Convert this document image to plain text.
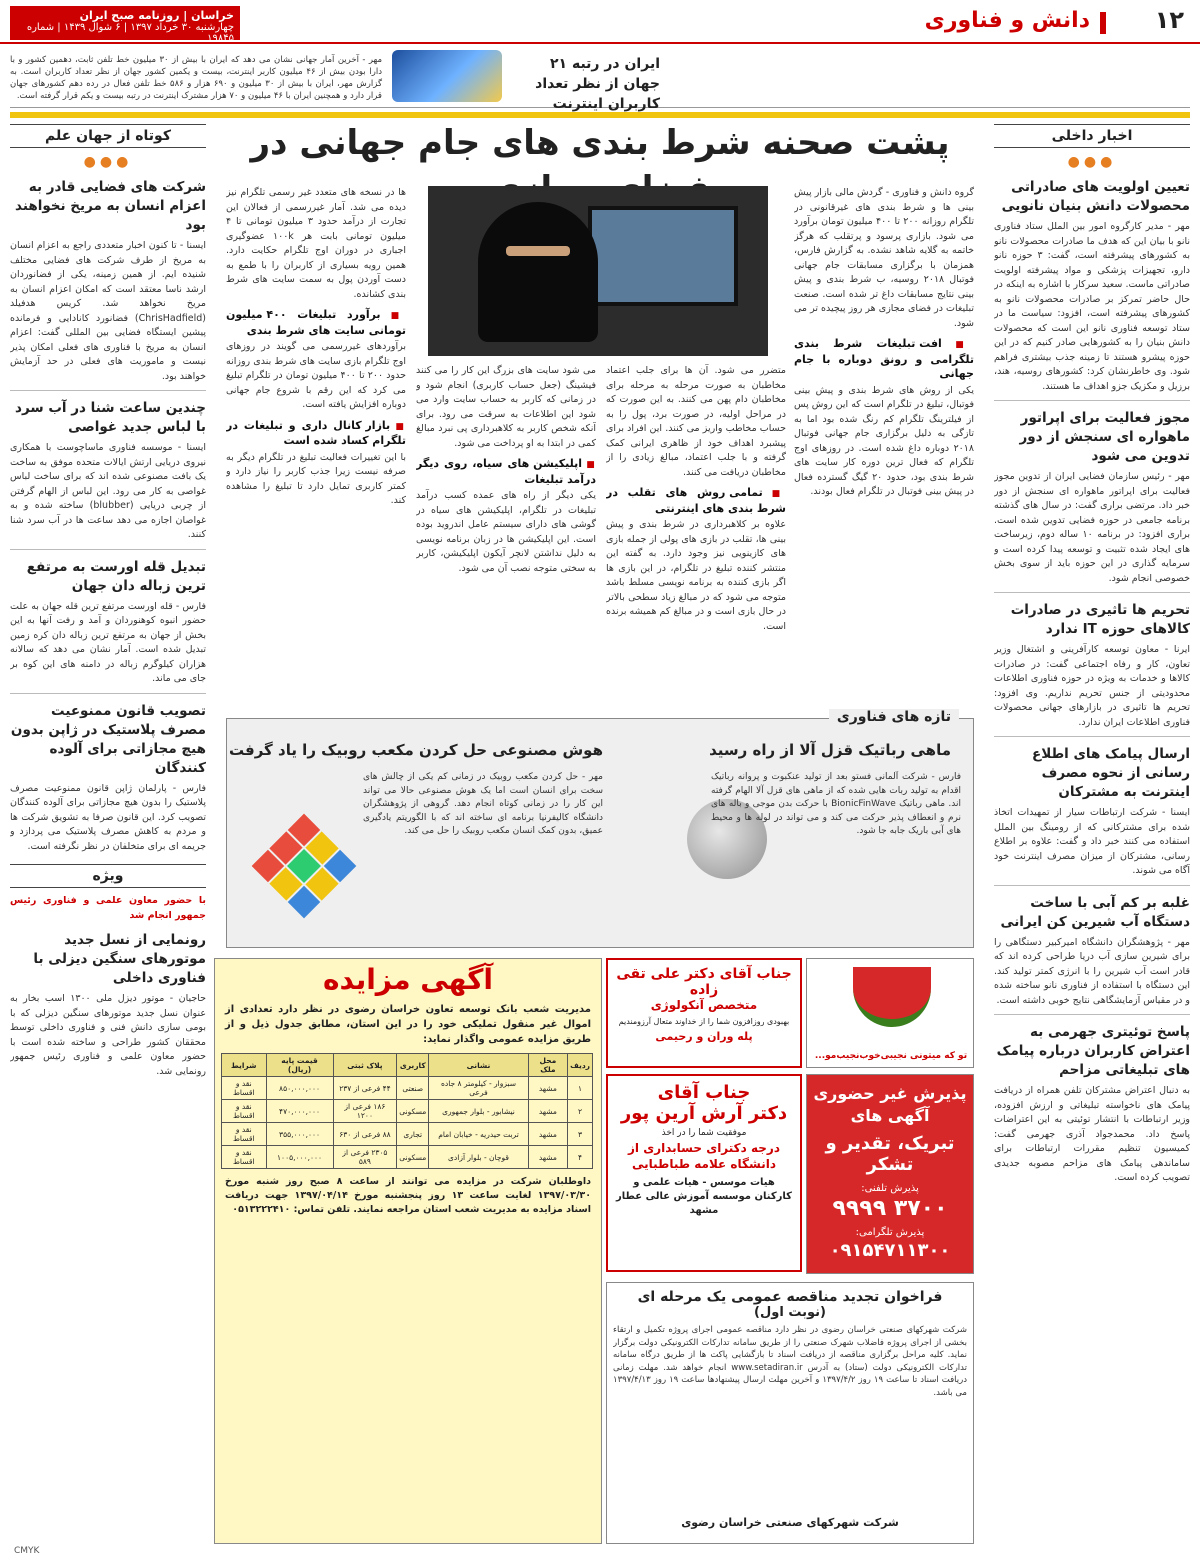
۱۲
دانش و فناوری
خراسان | روزنامه صبح ایران
چهارشنبه ۳۰ خرداد ۱۳۹۷ | ۶ شوال ۱۴۳۹ | شماره ۱۹۸۴۵
ایران در رتبه ۲۱ جهان از نظر تعداد کاربران اینترنت
مهر - آخرین آمار جهانی نشان می دهد که ایران با بیش از ۳۰ میلیون خط تلفن ثابت، دهمین کشور و با دارا بودن بیش از ۴۶ میلیون کاربر اینترنت، بیست و یکمین کشور جهان از نظر تعداد کاربران است. به گزارش مهر، ایران با بیش از ۳۰ میلیون و ۶۹۰ هزار و ۵۸۶ خط تلفن فعال در رده دهم کشورهای جهان قرار دارد و همچنین ایران با ۴۶ میلیون و ۷۰ هزار مشترک اینترنت در رتبه بیست و یکم قرار گرفته است.
اخبار داخلی
●●●
تعیین اولویت های صادراتی محصولات دانش بنیان نانویی

مهر - مدیر کارگروه امور بین الملل ستاد فناوری نانو با بیان این که هدف ما صادرات محصولات نانو به کشورهای پیشرفته است، گفت: ۳ حوزه نانو دارو، تجهیزات پزشکی و مواد پیشرفته اولویت صادراتی ماست. سعید سرکار با اشاره به اینکه در حال حاضر تمرکز بر صادرات محصولات نانو به کشورهای پیشرفته است، افزود: سیاست ما در ستاد توسعه فناوری نانو این است که محصولات دانش بنیان را به کشورهایی صادر کنیم که در این حوزه پیشرو هستند تا زمینه جذب بیشتری فراهم شود. وی خاطرنشان کرد: کشورهای روسیه، هند، برزیل و مکزیک جزو اهداف ما هستند.

مجوز فعالیت برای اپراتور ماهواره ای سنجش از دور تدوین می شود

مهر - رئیس سازمان فضایی ایران از تدوین مجوز فعالیت برای اپراتور ماهواره ای سنجش از دور خبر داد. مرتضی براری گفت: در سال های گذشته برنامه جامعی در حوزه فضایی تدوین شده است. براری افزود: در برنامه ۱۰ ساله دوم، زیرساخت های ایجاد شده تثبیت و توسعه پیدا کرده است و سرمایه گذاری در این حوزه باید از سوی بخش خصوصی انجام شود.

تحریم ها تاثیری در صادرات کالاهای حوزه IT ندارد

ایرنا - معاون توسعه کارآفرینی و اشتغال وزیر تعاون، کار و رفاه اجتماعی گفت: در صادرات کالاها و خدمات به ویژه در حوزه فناوری اطلاعات محدودیتی از جنس تحریم نداریم. وی افزود: تحریم ها تاثیری در بازارهای جهانی محصولات فناوری اطلاعات ایران ندارد.

ارسال پیامک های اطلاع رسانی از نحوه مصرف اینترنت به مشترکان

ایسنا - شرکت ارتباطات سیار از تمهیدات اتخاذ شده برای مشترکانی که از رومینگ بین الملل استفاده می کنند خبر داد و گفت: علاوه بر اطلاع رسانی، مشترکان از میزان مصرف اینترنت خود آگاه می شوند.

غلبه بر کم آبی با ساخت دستگاه آب شیرین کن ایرانی

مهر - پژوهشگران دانشگاه امیرکبیر دستگاهی را برای شیرین سازی آب دریا طراحی کرده اند که قادر است آب شیرین را با انرژی کمتر تولید کند. این دستگاه با استفاده از فناوری نانو ساخته شده و در مقیاس آزمایشگاهی نتایج خوبی داشته است.

پاسخ توئیتری جهرمی به اعتراض کاربران درباره پیامک های تبلیغاتی مزاحم

به دنبال اعتراض مشترکان تلفن همراه از دریافت پیامک های ناخواسته تبلیغاتی و ارزش افزوده، وزیر ارتباطات با انتشار توئیتی به این اعتراضات پاسخ داد. محمدجواد آذری جهرمی گفت: کمیسیون تنظیم مقررات ارتباطات برای ساماندهی پیامک های مزاحم مصوبه جدیدی تصویب کرده است.

کوتاه از جهان علم
●●●
شرکت های فضایی قادر به اعزام انسان به مریخ نخواهند بود

ایسنا - تا کنون اخبار متعددی راجع به اعزام انسان به مریخ از طرف شرکت های فضایی مختلف شنیده ایم. از همین زمینه، یکی از فضانوردان ارشد ناسا معتقد است که امکان اعزام انسان به مریخ نخواهد شد. کریس هدفیلد (ChrisHadfield) فضانورد کانادایی و فرمانده پیشین ایستگاه فضایی بین المللی گفت: اعزام انسان به مریخ با فناوری های فعلی امکان پذیر نیست و ماموریت های فعلی در حد آزمایش خواهند بود.

چندین ساعت شنا در آب سرد با لباس جدید غواصی

ایسنا - موسسه فناوری ماساچوست با همکاری نیروی دریایی ارتش ایالات متحده موفق به ساخت یک بافت مصنوعی شده اند که برای ساخت لباس غواصی به کار می رود. این لباس از الهام گرفتن از چربی دریایی (blubber) ساخته شده و به غواصان اجازه می دهد ساعت ها در آب سرد شنا کنند.

تبدیل قله اورست به مرتفع ترین زباله دان جهان

فارس - قله اورست مرتفع ترین قله جهان به علت حضور انبوه کوهنوردان و آمد و رفت آنها به این بخش از جهان به مرتفع ترین زباله دان کره زمین تبدیل شده است. آمار نشان می دهد که سالانه هزاران کیلوگرم زباله در دامنه های این کوه بر جای می ماند.

تصویب قانون ممنوعیت مصرف پلاستیک در ژاپن بدون هیچ مجازاتی برای آلوده کنندگان

فارس - پارلمان ژاپن قانون ممنوعیت مصرف پلاستیک را بدون هیچ مجازاتی برای آلوده کنندگان تصویب کرد. این قانون صرفا به تشویق شرکت ها و مردم به کاهش مصرف پلاستیک می پردازد و جریمه ای برای متخلفان در نظر نگرفته است.

ویژه

با حضور معاون علمی و فناوری رئیس جمهور انجام شد

رونمایی از نسل جدید موتورهای سنگین دیزلی با فناوری داخلی

حاجیان - موتور دیزل ملی ۱۳۰۰ اسب بخار به عنوان نسل جدید موتورهای سنگین دیزلی که با بومی سازی دانش فنی و فناوری داخلی توسط محققان کشور طراحی و ساخته شده است با حضور معاون علمی و فناوری رئیس جمهور رونمایی شد.

پشت صحنه شرط بندی های جام جهانی در

گروه دانش و فناوری - گردش مالی بازار پیش بینی ها و شرط بندی های غیرقانونی در تلگرام روزانه ۲۰۰ تا ۴۰۰ میلیون تومان برآورد می شود. بازاری پرسود و پرتقلب که هرگز خاتمه به گلایه شاهد نشده. به گزارش فارس، همزمان با برگزاری مسابقات جام جهانی فوتبال ۲۰۱۸ روسیه، ب شرط بندی و پیش بینی نتایج مسابقات داغ تر شده است. صنعت تبلیغات در فضای مجازی هر روز پیچیده تر می شود.

■ افت تبلیغات شرط بندی تلگرامی و رونق دوباره با جام جهانی

یکی از روش های شرط بندی و پیش بینی فوتبال، تبلیغ در تلگرام است که این روش پس از فیلترینگ تلگرام کم رنگ شده بود اما به تازگی به دلیل برگزاری جام جهانی فوتبال ۲۰۱۸ دوباره داغ شده است. در روزهای اوج تلگرام که فعال ترین دوره کار سایت های شرط بندی بود، حدود ۲۰ گیگ گسترده فعال در پیش بینی فوتبال در تلگرام فعال بودند.

متضرر می شود. آن ها برای جلب اعتماد مخاطبان به صورت مرحله به مرحله برای مخاطبان دام پهن می کنند. به این صورت که در مراحل اولیه، در صورت برد، پول را به حساب مخاطب واریز می کنند. این افراد برای پیشبرد اهداف خود از ظاهری ایرانی کمک گرفته و با جلب اعتماد، مبالغ زیادی را از مخاطبان دریافت می کنند.

■ تمامی روش های تقلب در شرط بندی های اینترنتی

علاوه بر کلاهبرداری در شرط بندی و پیش بینی ها، تقلب در بازی های پولی از جمله بازی های کازینویی نیز وجود دارد. به گفته این منتشر کننده تبلیغ در تلگرام، در این بازی ها اگر بازی کننده به برنامه نویسی مسلط باشد متوجه می شود که در مبالغ زیاد سطحی بالاتر در حال بازی است و در مبالغ کم همیشه برنده است.

می شود سایت های بزرگ این کار را می کنند فیشینگ (جعل حساب کاربری) انجام شود و در زمانی که کاربر به حساب سایت وارد می شود این اطلاعات به سرقت می رود. برای آنکه شخص کاربر به کلاهبرداری پی نبرد مبالغ کمی در ابتدا به او پرداخت می شود.

■ اپلیکیشن های سیاه، روی دیگر درآمد تبلیغات

یکی دیگر از راه های عمده کسب درآمد تبلیغات در تلگرام، اپلیکیشن های سیاه در گوشی های دارای سیستم عامل اندروید بوده است. این اپلیکیشن ها در زبان برنامه نویسی به دلیل نداشتن لانچر آیکون اپلیکیشن، کاربر به سختی متوجه نصب آن می شود.

ها در نسخه های متعدد غیر رسمی تلگرام نیز دیده می شد. آمار غیررسمی از فعالان این تجارت از درآمد حدود ۳ میلیون تومانی تا ۴ میلیون تومانی بابت هر ۱۰۰k عضوگیری اجباری در دوران اوج تلگرام حکایت دارد. همین رویه بسیاری از کاربران را با طمع به دست آوردن پول به سمت سایت های شرط بندی کشانده.

■ برآورد تبلیغات ۴۰۰ میلیون تومانی سایت های شرط بندی

برآوردهای غیررسمی می گویند در روزهای اوج تلگرام بازی سایت های شرط بندی روزانه حدود ۲۰۰ تا ۴۰۰ میلیون تومان در تلگرام تبلیغ می کرد که این رقم با شروع جام جهانی دوباره افزایش یافته است.

■ بازار کانال داری و تبلیغات در تلگرام کساد شده است

با این تغییرات فعالیت تبلیغ در تلگرام دیگر به صرفه نیست زیرا جذب کاربر را نیاز دارد و کمتر کاربری تمایل دارد تا تبلیغ را مشاهده کند.

تازه های فناوری
ماهی رباتیک قزل آلا از راه رسید
فارس - شرکت آلمانی فستو بعد از تولید عنکبوت و پروانه رباتیک اقدام به تولید ربات هایی شده که از ماهی های قزل آلا الهام گرفته اند. ماهی رباتیک BionicFinWave با حرکت بدن موجی و باله های نرم و انعطاف پذیر حرکت می کند و می تواند در لوله ها و محیط های آبی باریک جابه جا شود.
هوش مصنوعی حل کردن مکعب روبیک را یاد گرفت
مهر - حل کردن مکعب روبیک در زمانی کم یکی از چالش های سخت برای انسان است اما یک هوش مصنوعی حالا می تواند این کار را در زمانی کوتاه انجام دهد. گروهی از پژوهشگران دانشگاه کالیفرنیا برنامه ای ساخته اند که با الگوریتم یادگیری عمیق، بدون کمک انسان مکعب روبیک را حل می کند.
آگهی مزایده
مدیریت شعب بانک توسعه تعاون خراسان رضوی در نظر دارد تعدادی از اموال غیر منقول تملیکی خود را در این استان، مطابق جدول ذیل و از طریق مزایده عمومی واگذار نماید:
ردیف	محل ملک	نشانی	کاربری	پلاک ثبتی	قیمت پایه (ریال)	شرایط
۱	مشهد	سبزوار - کیلومتر ۸ جاده فرعی	صنعتی	۴۴ فرعی از ۲۳۷	۸۵۰,۰۰۰,۰۰۰	نقد و اقساط
۲	مشهد	نیشابور - بلوار جمهوری	مسکونی	۱۸۶ فرعی از ۱۲۰۰	۴۷۰,۰۰۰,۰۰۰	نقد و اقساط
۳	مشهد	تربت حیدریه - خیابان امام	تجاری	۸۸ فرعی از ۶۳۰	۳۵۵,۰۰۰,۰۰۰	نقد و اقساط
۴	مشهد	قوچان - بلوار آزادی	مسکونی	۲۳۰۵ فرعی از ۵۸۹	۱۰۰۵,۰۰۰,۰۰۰	نقد و اقساط
داوطلبان شرکت در مزایده می توانند از ساعت ۸ صبح روز شنبه مورخ ۱۳۹۷/۰۳/۳۰ لغایت ساعت ۱۳ روز پنجشنبه مورخ ۱۳۹۷/۰۴/۱۴ جهت دریافت اسناد مزایده به مدیریت شعب استان مراجعه نمایند. تلفن تماس: ۰۵۱۳۲۲۲۴۱۰
جناب آقای دکتر علی تقی زاده
متخصص آنکولوژی
بهبودی روزافزون شما را از خداوند متعال آرزومندیم
پله وران و رحیمی
تو که میتونی نجیبی‌خوب‌نجیب‌مو...
جناب آقای
دکتر آرش آرین پور
موفقیت شما را در اخذ
درجه دکترای حسابداری از دانشگاه علامه طباطبایی
هیات موسس - هیات علمی و کارکنان موسسه آموزش عالی عطار مشهد
پذیرش غیر حضوری آگهی های
تبریک، تقدیر و تشکر
پذیرش تلفنی:
۳۷۰۰ ۹۹۹۹
پذیرش تلگرامی:
۰۹۱۵۴۷۱۱۳۰۰
فراخوان تجدید مناقصه عمومی یک مرحله ای
(نوبت اول)
شرکت شهرکهای صنعتی خراسان رضوی در نظر دارد مناقصه عمومی اجرای پروژه تکمیل و ارتقاء بخشی از اجرای پروژه فاضلاب شهرک صنعتی را از طریق سامانه تدارکات الکترونیکی دولت برگزار نماید. کلیه مراحل برگزاری مناقصه از دریافت اسناد تا بازگشایی پاکت ها از طریق درگاه سامانه تدارکات الکترونیکی دولت (ستاد) به آدرس www.setadiran.ir انجام خواهد شد. مهلت زمانی دریافت اسناد تا ساعت ۱۹ روز ۱۳۹۷/۴/۲ و آخرین مهلت ارسال پیشنهادها ساعت ۱۹ روز ۱۳۹۷/۴/۱۳ می باشد.
شرکت شهرکهای صنعتی خراسان رضوی
CMYK
